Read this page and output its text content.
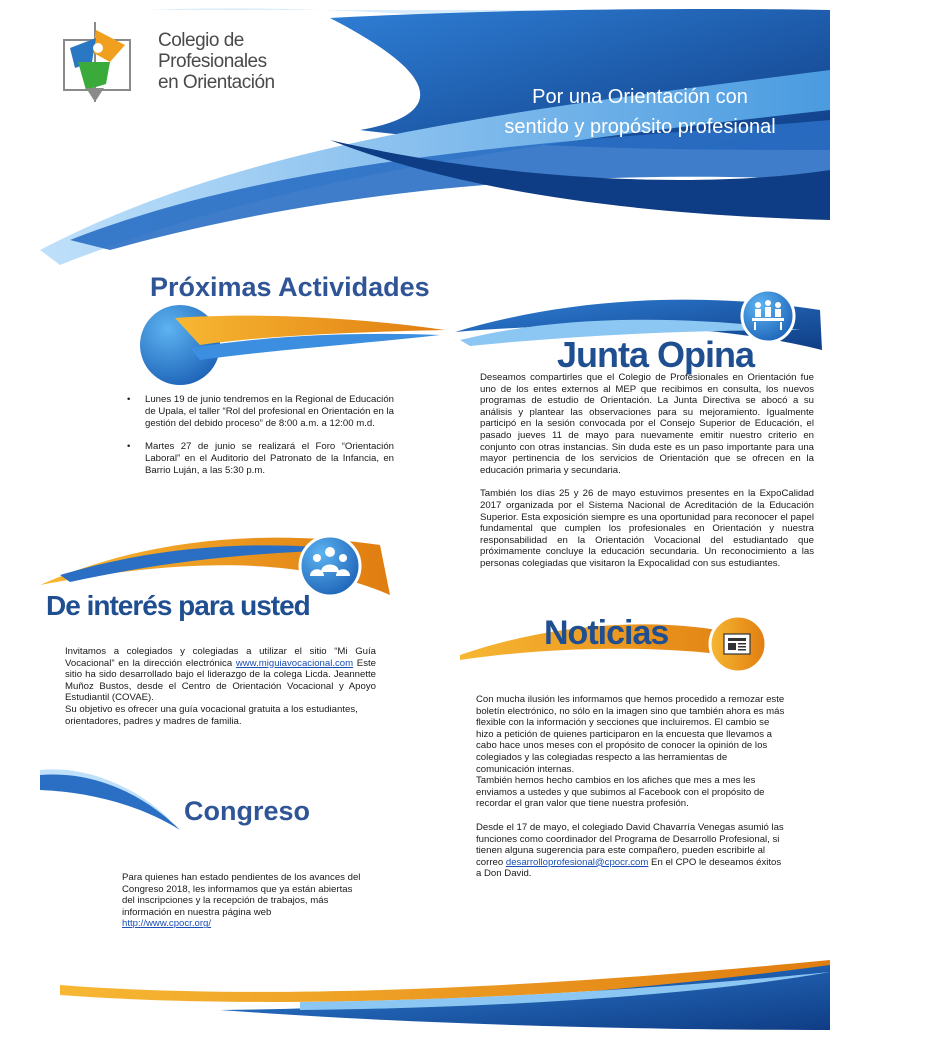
Colegio de
Profesionales
en Orientación
Por una Orientación con
sentido y propósito profesional
Próximas Actividades
• Lunes 19 de junio tendremos en la Regional de Educación de Upala, el taller “Rol del profesional en Orientación en la gestión del debido proceso” de 8:00 a.m. a 12:00 m.d.
• Martes 27 de junio se realizará el Foro “Orientación Laboral” en el Auditorio del Patronato de la Infancia, en Barrio Luján, a las 5:30 p.m.
Junta Opina

Deseamos compartirles que el Colegio de Profesionales en Orientación fue uno de los entes externos al MEP que recibimos en consulta, los nuevos programas de estudio de Orientación. La Junta Directiva se abocó a su análisis y plantear las observaciones para su mejoramiento. Igualmente participó en la sesión convocada por el Consejo Superior de Educación, el pasado jueves 11 de mayo para nuevamente emitir nuestro criterio en conjunto con otras instancias. Sin duda este es un paso importante para una mayor pertinencia de los servicios de Orientación que se ofrecen en la educación primaria y secundaria.

También los días 25 y 26 de mayo estuvimos presentes en la ExpoCalidad 2017 organizada por el Sistema Nacional de Acreditación de la Educación Superior. Esta exposición siempre es una oportunidad para reconocer el papel fundamental que cumplen los profesionales en Orientación y nuestra responsabilidad en la Orientación Vocacional del estudiantado que próximamente concluye la educación secundaria. Un reconocimiento a las personas colegiadas que visitaron la Expocalidad con sus estudiantes.

De interés para usted

Invitamos a colegiados y colegiadas a utilizar el sitio “Mi Guía Vocacional” en la dirección electrónica www.miguiavocacional.com Este sitio ha sido desarrollado bajo el liderazgo de la colega Licda. Jeannette Muñoz Bustos, desde el Centro de Orientación Vocacional y Apoyo Estudiantil (COVAE).

Su objetivo es ofrecer una guía vocacional gratuita a los estudiantes, orientadores, padres y madres de familia.

Noticias

Con mucha ilusión les informamos que hemos procedido a remozar este boletín electrónico, no sólo en la imagen sino que también ahora es más flexible con la información y secciones que incluiremos. El cambio se hizo a petición de quienes participaron en la encuesta que llevamos a cabo hace unos meses con el propósito de conocer la opinión de los colegiados y las colegiadas respecto a las herramientas de comunicación internas.

También hemos hecho cambios en los afiches que mes a mes les enviamos a ustedes y que subimos al Facebook con el propósito de recordar el gran valor que tiene nuestra profesión.

Desde el 17 de mayo, el colegiado David Chavarría Venegas asumió las funciones como coordinador del Programa de Desarrollo Profesional, si tienen alguna sugerencia para este compañero, pueden escribirle al correo desarrolloprofesional@cpocr.com En el CPO le deseamos éxitos a Don David.

Congreso

Para quienes han estado pendientes de los avances del Congreso 2018, les informamos que ya están abiertas del inscripciones y la recepción de trabajos, más información en nuestra página web

http://www.cpocr.org/
